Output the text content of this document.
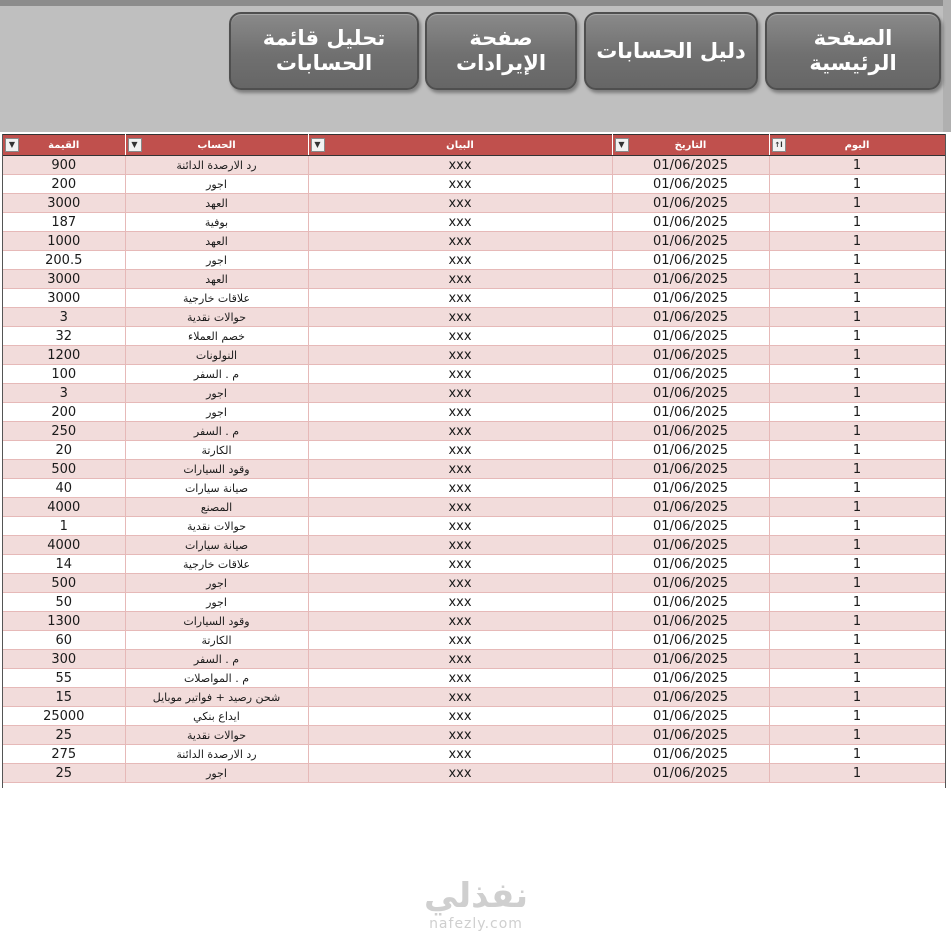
تحليل قائمة الحسابات
صفحة الإيرادات
دليل الحسابات
الصفحة الرئيسية
▼ القيمة	▼ الحساب	▼ البيان	▼ التاريخ	↑ا اليوم

900	رد الارصدة الدائنة	xxx	01/06/2025	1
200	اجور	xxx	01/06/2025	1
3000	العهد	xxx	01/06/2025	1
187	بوفية	xxx	01/06/2025	1
1000	العهد	xxx	01/06/2025	1
200.5	اجور	xxx	01/06/2025	1
3000	العهد	xxx	01/06/2025	1
3000	علاقات خارجية	xxx	01/06/2025	1
3	حوالات نقدية	xxx	01/06/2025	1
32	خصم العملاء	xxx	01/06/2025	1
1200	النولونات	xxx	01/06/2025	1
100	م . السفر	xxx	01/06/2025	1
3	اجور	xxx	01/06/2025	1
200	اجور	xxx	01/06/2025	1
250	م . السفر	xxx	01/06/2025	1
20	الكارتة	xxx	01/06/2025	1
500	وقود السيارات	xxx	01/06/2025	1
40	صيانة سيارات	xxx	01/06/2025	1
4000	المصنع	xxx	01/06/2025	1
1	حوالات نقدية	xxx	01/06/2025	1
4000	صيانة سيارات	xxx	01/06/2025	1
14	علاقات خارجية	xxx	01/06/2025	1
500	اجور	xxx	01/06/2025	1
50	اجور	xxx	01/06/2025	1
1300	وقود السيارات	xxx	01/06/2025	1
60	الكارتة	xxx	01/06/2025	1
300	م . السفر	xxx	01/06/2025	1
55	م . المواصلات	xxx	01/06/2025	1
15	شحن رصيد + فواتير موبايل	xxx	01/06/2025	1
25000	ايداع بنكي	xxx	01/06/2025	1
25	حوالات نقدية	xxx	01/06/2025	1
275	رد الارصدة الدائنة	xxx	01/06/2025	1
25	اجور	xxx	01/06/2025	1
نفذلي
nafezly.com
